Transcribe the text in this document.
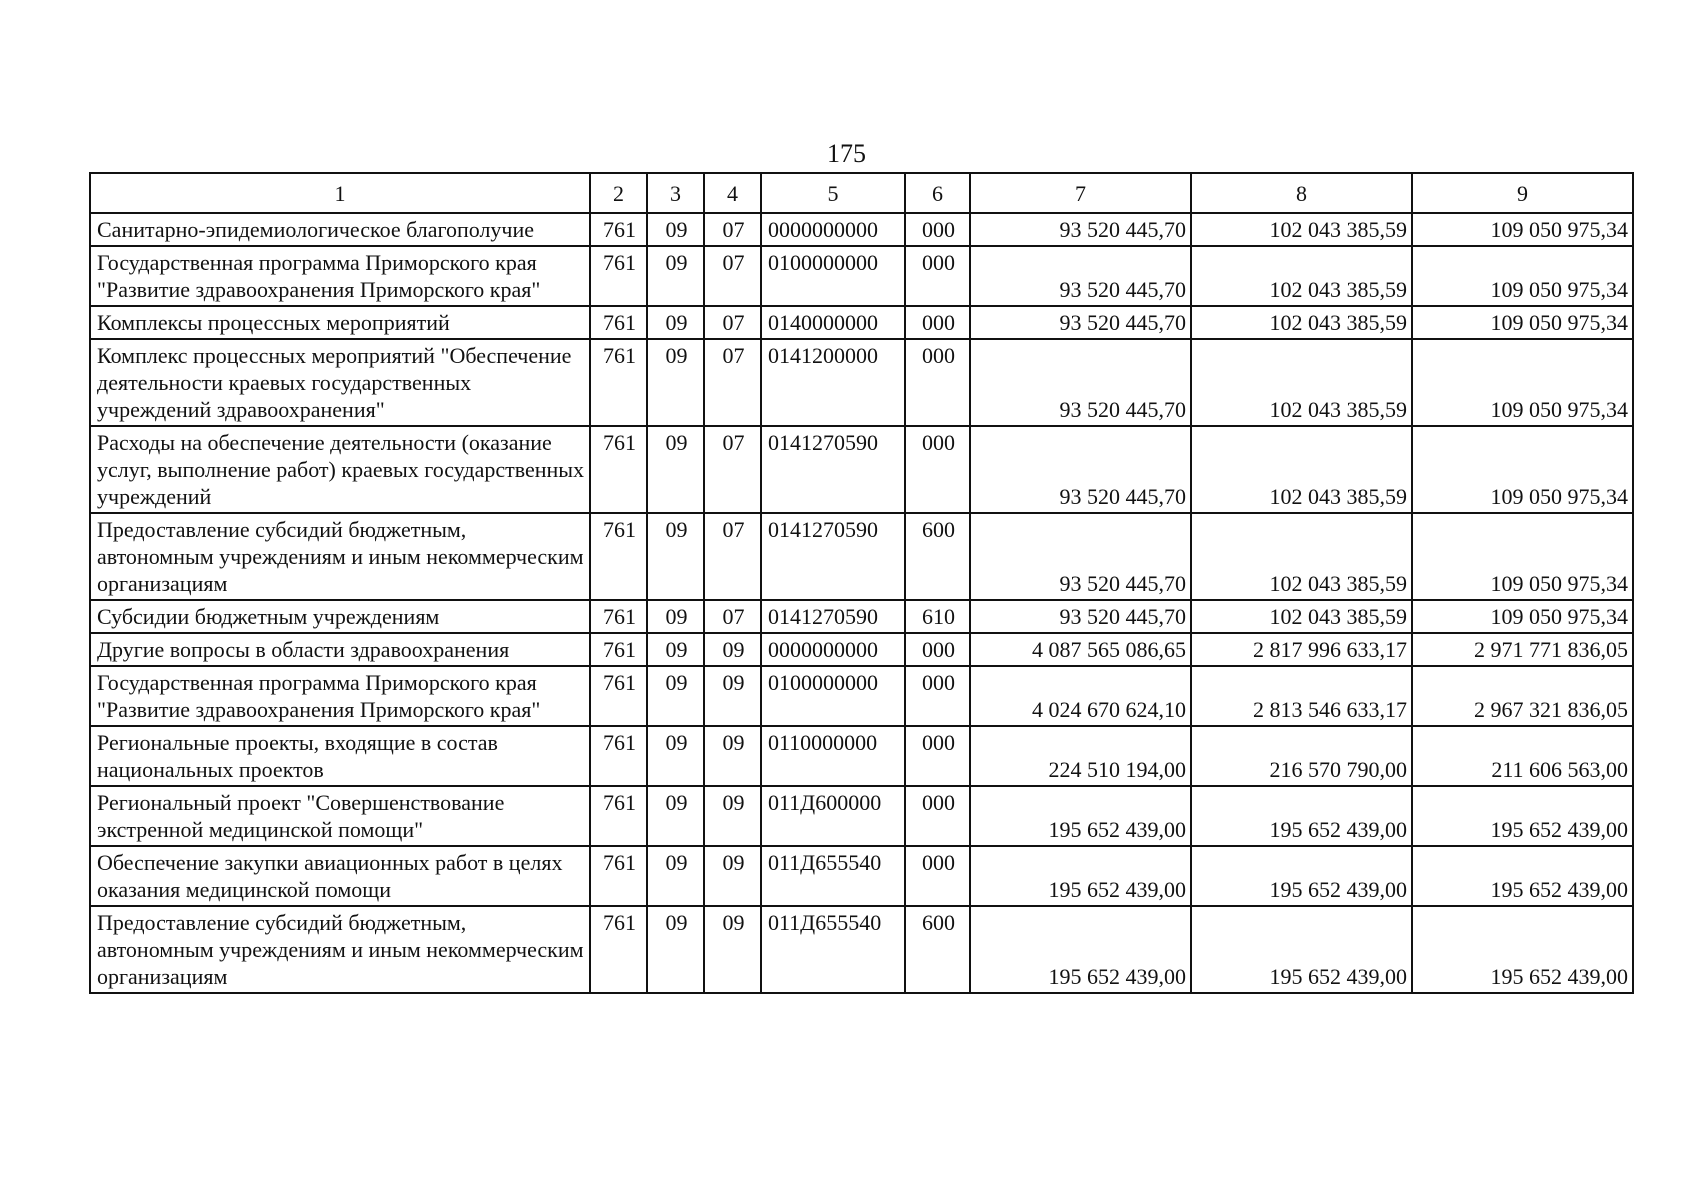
175
1	2	3	4	5	6	7	8	9
Санитарно-эпидемиологическое благополучие	761	09	07	0000000000	000	93 520 445,70	102 043 385,59	109 050 975,34
Государственная программа Приморского края "Развитие здравоохранения Приморского края"	761	09	07	0100000000	000	93 520 445,70	102 043 385,59	109 050 975,34
Комплексы процессных мероприятий	761	09	07	0140000000	000	93 520 445,70	102 043 385,59	109 050 975,34
Комплекс процессных мероприятий "Обеспечение деятельности краевых государственных учреждений здравоохранения"	761	09	07	0141200000	000	93 520 445,70	102 043 385,59	109 050 975,34
Расходы на обеспечение деятельности (оказание услуг, выполнение работ) краевых государственных учреждений	761	09	07	0141270590	000	93 520 445,70	102 043 385,59	109 050 975,34
Предоставление субсидий бюджетным, автономным учреждениям и иным некоммерческим организациям	761	09	07	0141270590	600	93 520 445,70	102 043 385,59	109 050 975,34
Субсидии бюджетным учреждениям	761	09	07	0141270590	610	93 520 445,70	102 043 385,59	109 050 975,34
Другие вопросы в области здравоохранения	761	09	09	0000000000	000	4 087 565 086,65	2 817 996 633,17	2 971 771 836,05
Государственная программа Приморского края "Развитие здравоохранения Приморского края"	761	09	09	0100000000	000	4 024 670 624,10	2 813 546 633,17	2 967 321 836,05
Региональные проекты, входящие в состав национальных проектов	761	09	09	0110000000	000	224 510 194,00	216 570 790,00	211 606 563,00
Региональный проект "Совершенствование экстренной медицинской помощи"	761	09	09	011Д600000	000	195 652 439,00	195 652 439,00	195 652 439,00
Обеспечение закупки авиационных работ в целях оказания медицинской помощи	761	09	09	011Д655540	000	195 652 439,00	195 652 439,00	195 652 439,00
Предоставление субсидий бюджетным, автономным учреждениям и иным некоммерческим организациям	761	09	09	011Д655540	600	195 652 439,00	195 652 439,00	195 652 439,00
